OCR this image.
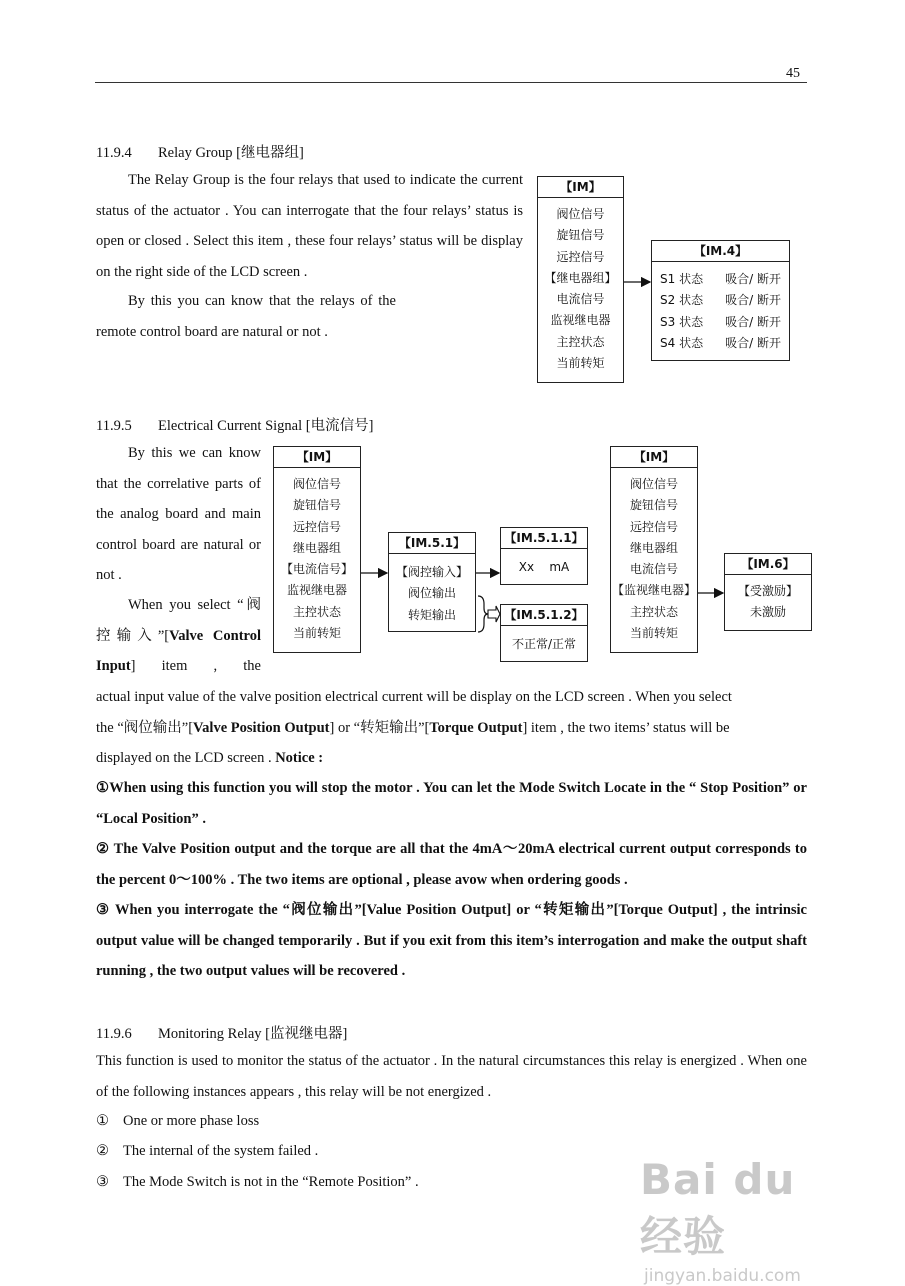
45
11.9.4 Relay Group [继电器组]

The Relay Group is the four relays that used to indicate the current status of the actuator . You can interrogate that the four relays’ status is open or closed . Select this item , these four relays’ status will be display on the right side of the LCD screen .

By this you can know that the relays of the remote control board are natural or not .

【IM】
阀位信号
旋钮信号
远控信号
【继电器组】
电流信号
监视继电器
主控状态
当前转矩
【IM.4】
S1 状态 吸合/ 断开
S2 状态 吸合/ 断开
S3 状态 吸合/ 断开
S4 状态 吸合/ 断开
11.9.5 Electrical Current Signal [电流信号]

By this we can know that the correlative parts of the analog board and main control board are natural or not .

When you select “阀控输入”[Valve Control Input] item , the

actual input value of the valve position electrical current will be display on the LCD screen . When you select
the “阀位输出”[Valve Position Output] or “转矩输出”[Torque Output] item , the two items’ status will be
displayed on the LCD screen . Notice :

①When using this function you will stop the motor . You can let the Mode Switch Locate in the “ Stop Position” or “Local Position” .

② The Valve Position output and the torque are all that the 4mA～20mA electrical current output corresponds to the percent 0～100% . The two items are optional , please avow when ordering goods .

③ When you interrogate the “阀位输出”[Value Position Output] or “转矩输出”[Torque Output] , the intrinsic output value will be changed temporarily . But if you exit from this item’s interrogation and make the output shaft running , the two output values will be recovered .

【IM】
阀位信号
旋钮信号
远控信号
继电器组
【电流信号】
监视继电器
主控状态
当前转矩
【IM.5.1】
【阀控输入】
阀位输出
转矩输出
【IM.5.1.1】
Xx    mA
【IM.5.1.2】
不正常/正常
【IM】
阀位信号
旋钮信号
远控信号
继电器组
电流信号
【监视继电器】
主控状态
当前转矩
【IM.6】
【受激励】
未激励
11.9.6 Monitoring Relay [监视继电器]

This function is used to monitor the status of the actuator . In the natural circumstances this relay is energized . When one of the following instances appears , this relay will be not energized .

① One or more phase loss
② The internal of the system failed .
③ The Mode Switch is not in the “Remote Position” .	Bai du 经验
jingyan.baidu.com
